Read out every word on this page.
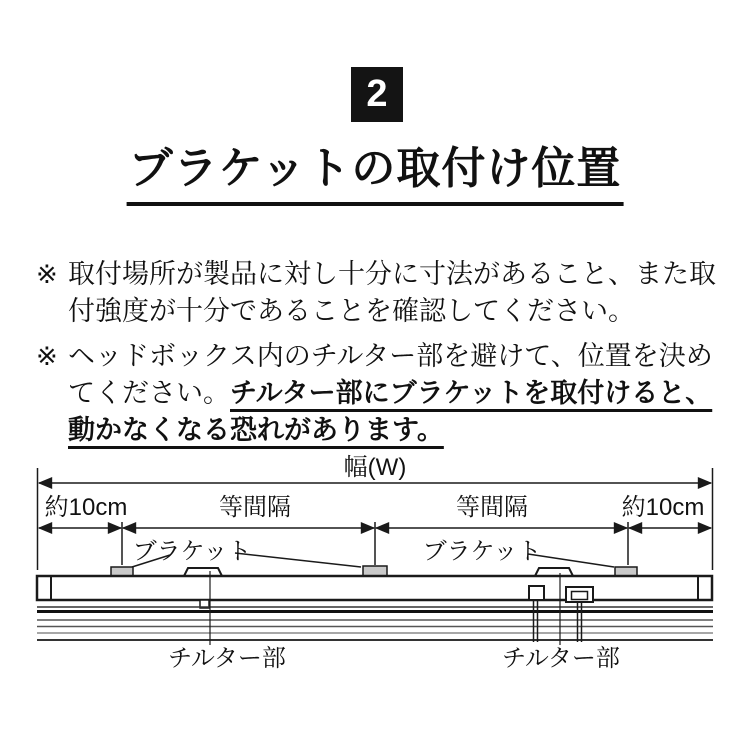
2
ブラケットの取付け位置
※ 取付場所が製品に対し十分に寸法があること、また取
付強度が十分であることを確認してください。
※ ヘッドボックス内のチルター部を避けて、位置を決め
てください。チルター部にブラケットを取付けると、
動かなくなる恐れがあります。
幅(W)
約10cm	等間隔	等間隔	約10cm
ブラケット	ブラケット
チルター部	チルター部
